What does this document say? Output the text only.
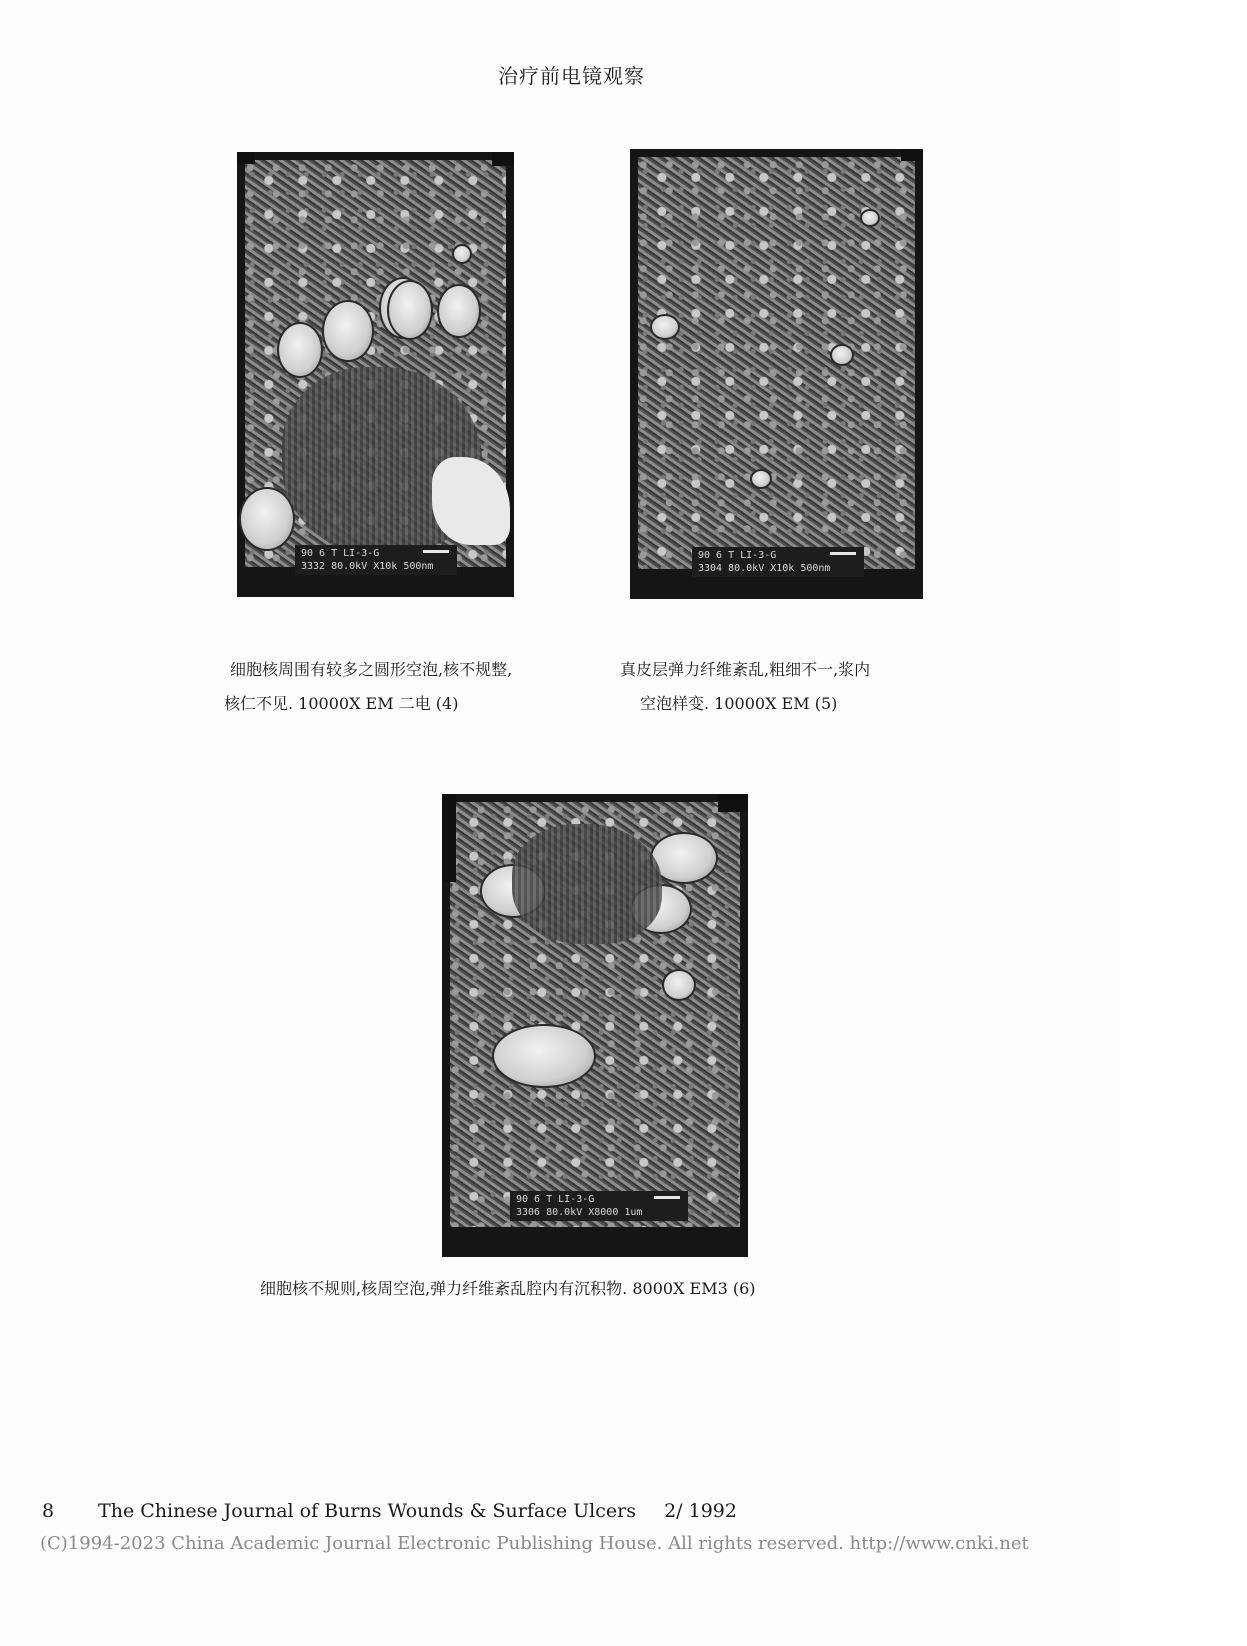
治疗前电镜观察
90 6 T LI-3-G
3332 80.0kV X10k 500nm
90 6 T LI-3-G
3304 80.0kV X10k 500nm
90 6 T LI-3-G
3306 80.0kV X8000 1um
细胞核周围有较多之圆形空泡,核不规整,
核仁不见. 10000X EM 二电 (4)
真皮层弹力纤维紊乱,粗细不一,浆内
空泡样变. 10000X EM (5)
细胞核不规则,核周空泡,弹力纤维紊乱腔内有沉积物. 8000X EM3 (6)
8 The Chinese Journal of Burns Wounds & Surface Ulcers 2/ 1992
(C)1994-2023 China Academic Journal Electronic Publishing House. All rights reserved. http://www.cnki.net
